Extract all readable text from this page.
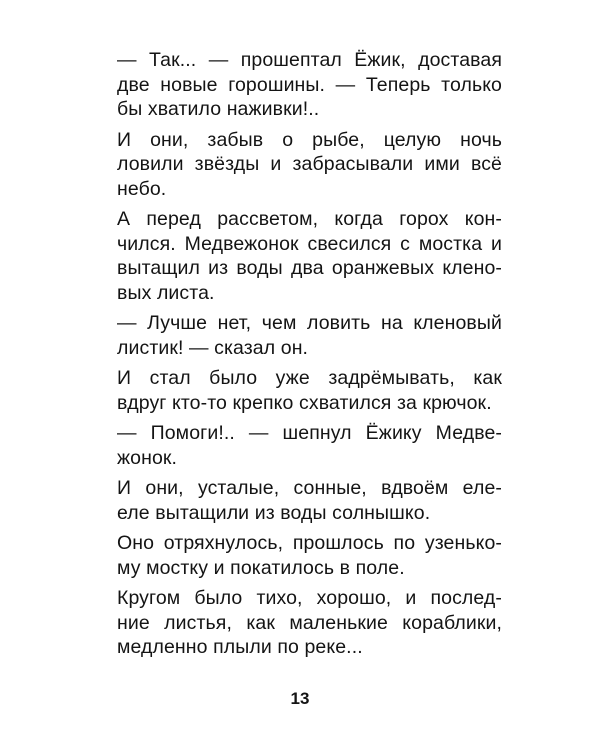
— Так... — прошептал Ёжик, доставая
две новые горошины. — Теперь только
бы хватило наживки!..
И они, забыв о рыбе, целую ночь
ловили звёзды и забрасывали ими всё
небо.
А перед рассветом, когда горох кон-
чился. Медвежонок свесился с мостка и
вытащил из воды два оранжевых клено-
вых листа.
— Лучше нет, чем ловить на кленовый
листик! — сказал он.
И стал было уже задрёмывать, как
вдруг кто-то крепко схватился за крючок.
— Помоги!.. — шепнул Ёжику Медве-
жонок.
И они, усталые, сонные, вдвоём еле-
еле вытащили из воды солнышко.
Оно отряхнулось, прошлось по узенько-
му мостку и покатилось в поле.
Кругом было тихо, хорошо, и послед-
ние листья, как маленькие кораблики,
медленно плыли по реке...
13
